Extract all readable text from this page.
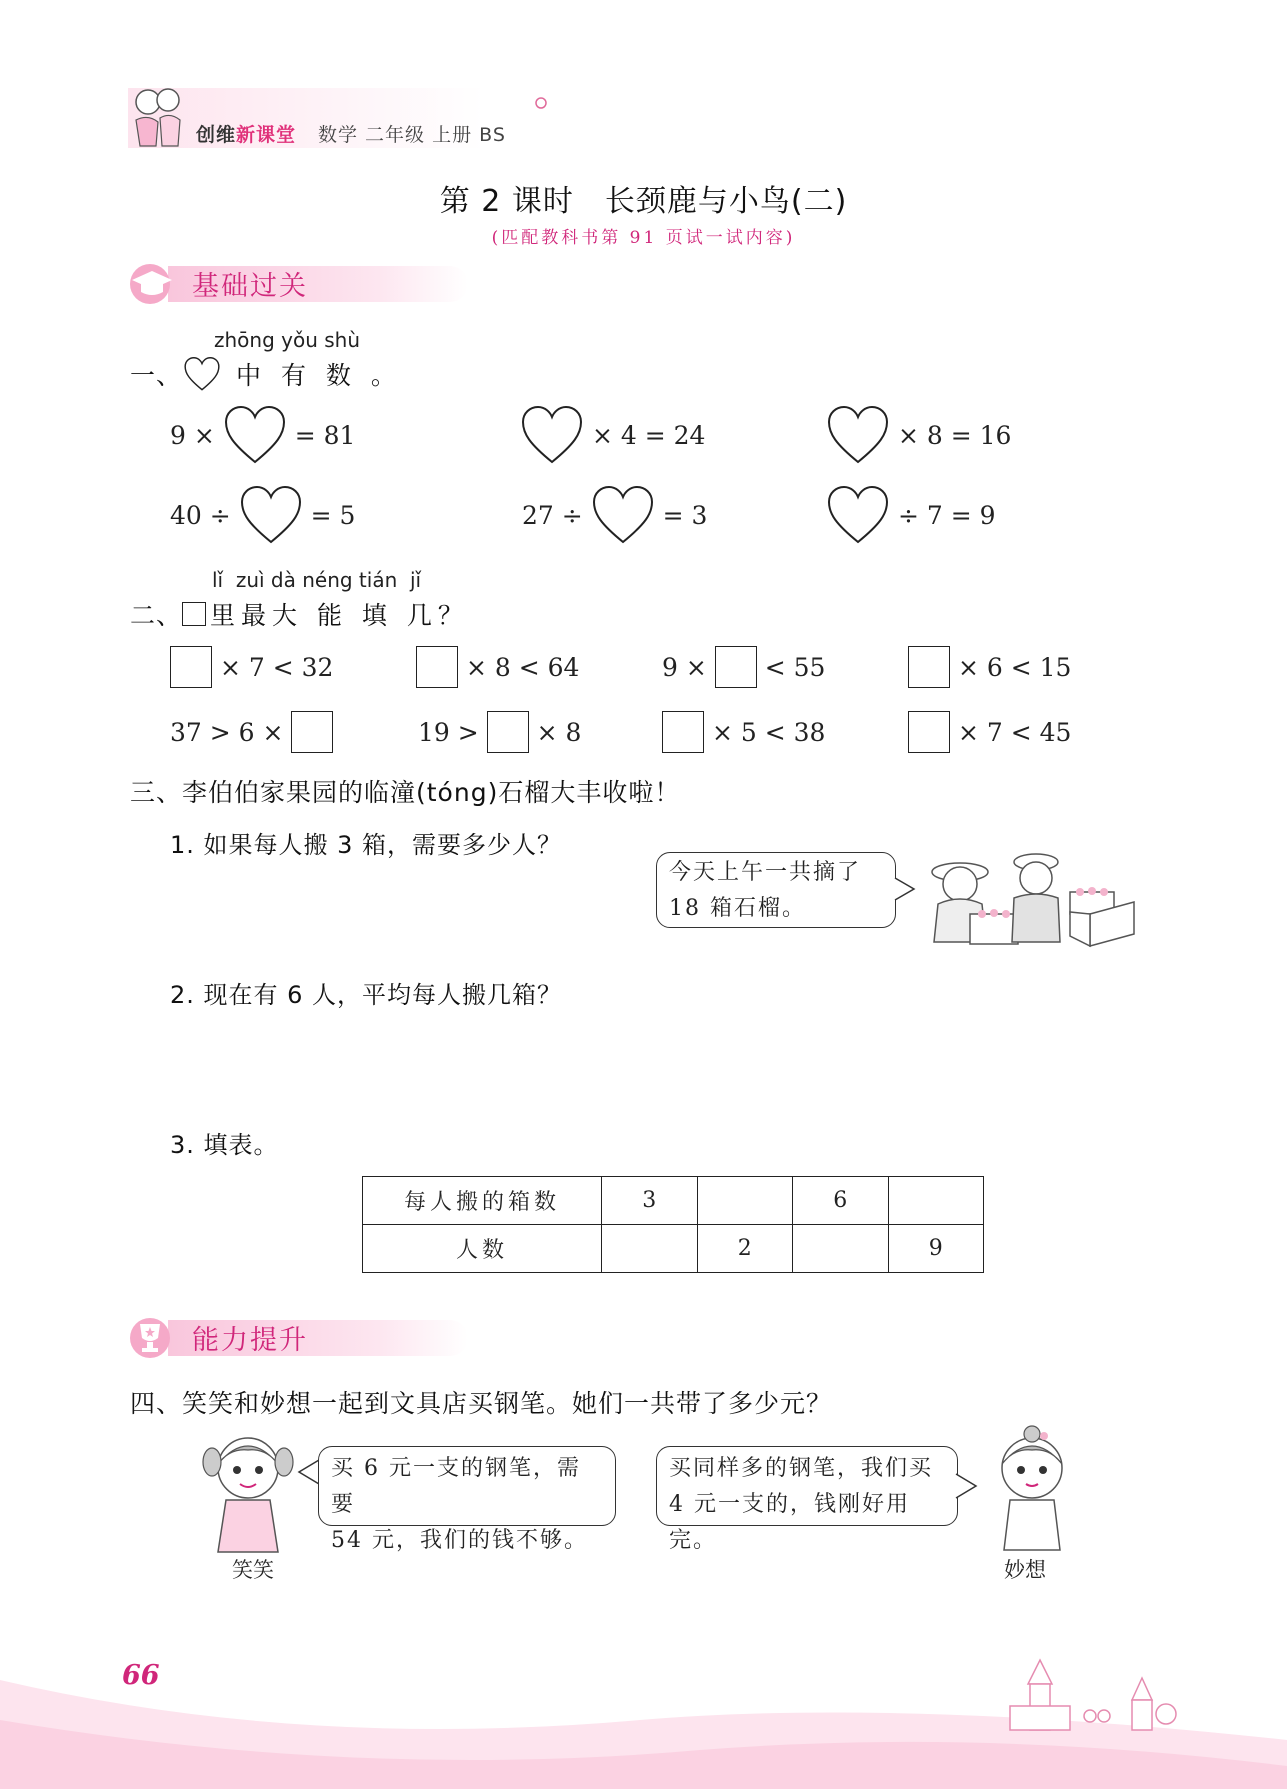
创维新课堂 数学 二年级 上册 BS
第 2 课时　长颈鹿与小鸟(二)
(匹配教科书第 91 页试一试内容)
基础过关
zhōng yǒu shù
一、 中 有 数 。
9 ×	= 81	× 4 = 24	× 8 = 16
40 ÷	= 5	27 ÷	= 3	÷ 7 = 9
lǐ  zuì dà néng tián  jǐ
二、 里最大 能 填 几？
× 7 < 32	× 8 < 64	9 × < 55	× 6 < 15
37 > 6 ×	19 > × 8	× 5 < 38	× 7 < 45
三、李伯伯家果园的临潼(tóng)石榴大丰收啦！
1. 如果每人搬 3 箱，需要多少人？
今天上午一共摘了
18 箱石榴。
2. 现在有 6 人，平均每人搬几箱？
3. 填表。
每人搬的箱数	3		6	
人数		2		9
能力提升
四、笑笑和妙想一起到文具店买钢笔。她们一共带了多少元？
笑笑
买 6 元一支的钢笔，需要
54 元，我们的钱不够。
买同样多的钢笔，我们买
4 元一支的，钱刚好用完。
妙想
66
